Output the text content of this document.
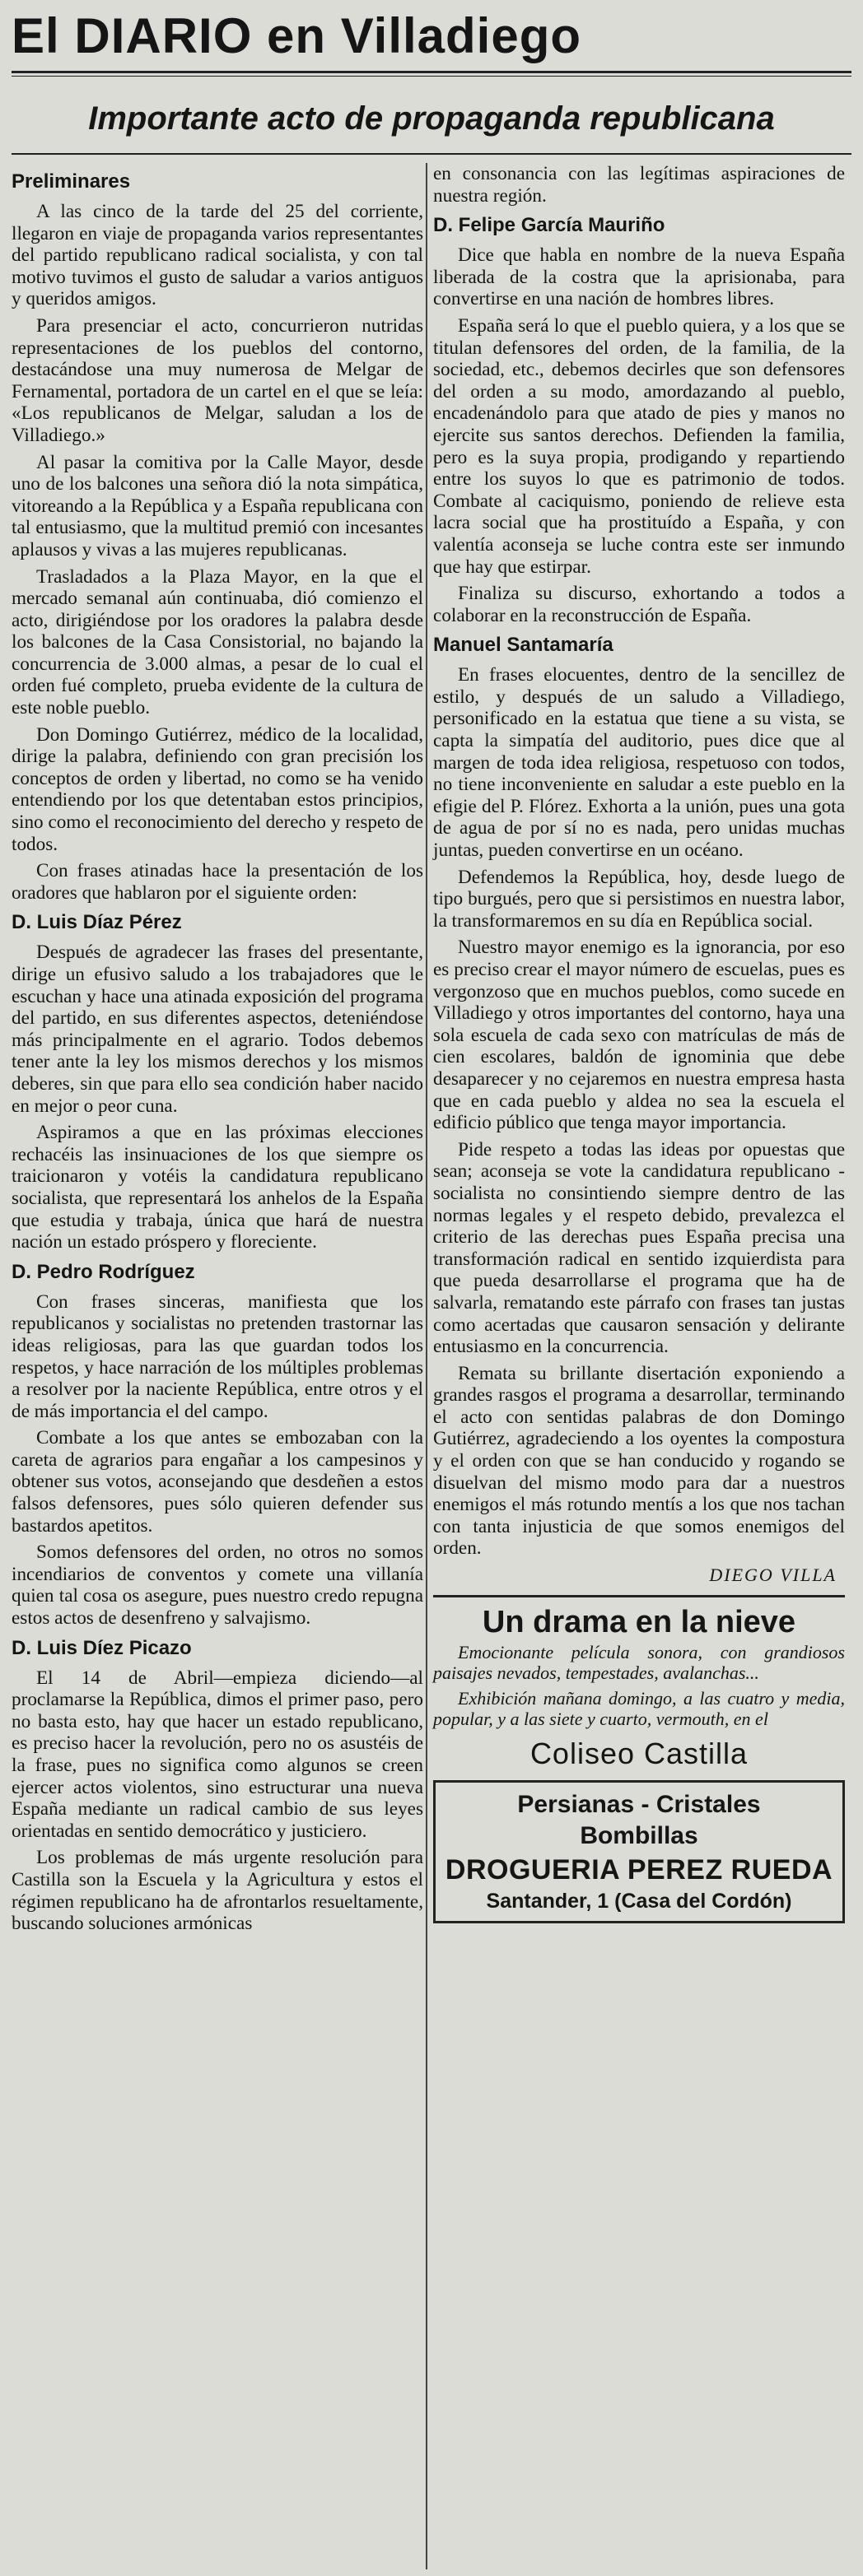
El DIARIO en Villadiego
Importante acto de propaganda republicana
Preliminares

A las cinco de la tarde del 25 del corriente, llegaron en viaje de propaganda varios representantes del partido republicano radical socialista, y con tal motivo tuvimos el gusto de saludar a varios antiguos y queridos amigos.

Para presenciar el acto, concurrieron nutridas representaciones de los pueblos del contorno, destacándose una muy numerosa de Melgar de Fernamental, portadora de un cartel en el que se leía: «Los republicanos de Melgar, saludan a los de Villadiego.»

Al pasar la comitiva por la Calle Mayor, desde uno de los balcones una señora dió la nota simpática, vitoreando a la República y a España republicana con tal entusiasmo, que la multitud premió con incesantes aplausos y vivas a las mujeres republicanas.

Trasladados a la Plaza Mayor, en la que el mercado semanal aún continuaba, dió comienzo el acto, dirigiéndose por los oradores la palabra desde los balcones de la Casa Consistorial, no bajando la concurrencia de 3.000 almas, a pesar de lo cual el orden fué completo, prueba evidente de la cultura de este noble pueblo.

Don Domingo Gutiérrez, médico de la localidad, dirige la palabra, definiendo con gran precisión los conceptos de orden y libertad, no como se ha venido entendiendo por los que detentaban estos principios, sino como el reconocimiento del derecho y respeto de todos.

Con frases atinadas hace la presentación de los oradores que hablaron por el siguiente orden:

D. Luis Díaz Pérez

Después de agradecer las frases del presentante, dirige un efusivo saludo a los trabajadores que le escuchan y hace una atinada exposición del programa del partido, en sus diferentes aspectos, deteniéndose más principalmente en el agrario. Todos debemos tener ante la ley los mismos derechos y los mismos deberes, sin que para ello sea condición haber nacido en mejor o peor cuna.

Aspiramos a que en las próximas elecciones rechacéis las insinuaciones de los que siempre os traicionaron y votéis la candidatura republicano socialista, que representará los anhelos de la España que estudia y trabaja, única que hará de nuestra nación un estado próspero y floreciente.

D. Pedro Rodríguez

Con frases sinceras, manifiesta que los republicanos y socialistas no pretenden trastornar las ideas religiosas, para las que guardan todos los respetos, y hace narración de los múltiples problemas a resolver por la naciente República, entre otros y el de más importancia el del campo.

Combate a los que antes se embozaban con la careta de agrarios para engañar a los campesinos y obtener sus votos, aconsejando que desdeñen a estos falsos defensores, pues sólo quieren defender sus bastardos apetitos.

Somos defensores del orden, no otros no somos incendiarios de conventos y comete una villanía quien tal cosa os asegure, pues nuestro credo repugna estos actos de desenfreno y salvajismo.

D. Luis Díez Picazo

El 14 de Abril—empieza diciendo—al proclamarse la República, dimos el primer paso, pero no basta esto, hay que hacer un estado republicano, es preciso hacer la revolución, pero no os asustéis de la frase, pues no significa como algunos se creen ejercer actos violentos, sino estructurar una nueva España mediante un radical cambio de sus leyes orientadas en sentido democrático y justiciero.

Los problemas de más urgente resolución para Castilla son la Escuela y la Agricultura y estos el régimen republicano ha de afrontarlos resueltamente, buscando soluciones armónicas

en consonancia con las legítimas aspiraciones de nuestra región.

D. Felipe García Mauriño

Dice que habla en nombre de la nueva España liberada de la costra que la aprisionaba, para convertirse en una nación de hombres libres.

España será lo que el pueblo quiera, y a los que se titulan defensores del orden, de la familia, de la sociedad, etc., debemos decirles que son defensores del orden a su modo, amordazando al pueblo, encadenándolo para que atado de pies y manos no ejercite sus santos derechos. Defienden la familia, pero es la suya propia, prodigando y repartiendo entre los suyos lo que es patrimonio de todos. Combate al caciquismo, poniendo de relieve esta lacra social que ha prostituído a España, y con valentía aconseja se luche contra este ser inmundo que hay que estirpar.

Finaliza su discurso, exhortando a todos a colaborar en la reconstrucción de España.

Manuel Santamaría

En frases elocuentes, dentro de la sencillez de estilo, y después de un saludo a Villadiego, personificado en la estatua que tiene a su vista, se capta la simpatía del auditorio, pues dice que al margen de toda idea religiosa, respetuoso con todos, no tiene inconveniente en saludar a este pueblo en la efigie del P. Flórez. Exhorta a la unión, pues una gota de agua de por sí no es nada, pero unidas muchas juntas, pueden convertirse en un océano.

Defendemos la República, hoy, desde luego de tipo burgués, pero que si persistimos en nuestra labor, la transformaremos en su día en República social.

Nuestro mayor enemigo es la ignorancia, por eso es preciso crear el mayor número de escuelas, pues es vergonzoso que en muchos pueblos, como sucede en Villadiego y otros importantes del contorno, haya una sola escuela de cada sexo con matrículas de más de cien escolares, baldón de ignominia que debe desaparecer y no cejaremos en nuestra empresa hasta que en cada pueblo y aldea no sea la escuela el edificio público que tenga mayor importancia.

Pide respeto a todas las ideas por opuestas que sean; aconseja se vote la candidatura republicano - socialista no consintiendo siempre dentro de las normas legales y el respeto debido, prevalezca el criterio de las derechas pues España precisa una transformación radical en sentido izquierdista para que pueda desarrollarse el programa que ha de salvarla, rematando este párrafo con frases tan justas como acertadas que causaron sensación y delirante entusiasmo en la concurrencia.

Remata su brillante disertación exponiendo a grandes rasgos el programa a desarrollar, terminando el acto con sentidas palabras de don Domingo Gutiérrez, agradeciendo a los oyentes la compostura y el orden con que se han conducido y rogando se disuelvan del mismo modo para dar a nuestros enemigos el más rotundo mentís a los que nos tachan con tanta injusticia de que somos enemigos del orden.

DIEGO VILLA
Un drama en la nieve

Emocionante película sonora, con grandiosos paisajes nevados, tempestades, avalanchas...

Exhibición mañana domingo, a las cuatro y media, popular, y a las siete y cuarto, vermouth, en el

Coliseo Castilla
Persianas - Cristales
Bombillas
DROGUERIA PEREZ RUEDA
Santander, 1 (Casa del Cordón)
